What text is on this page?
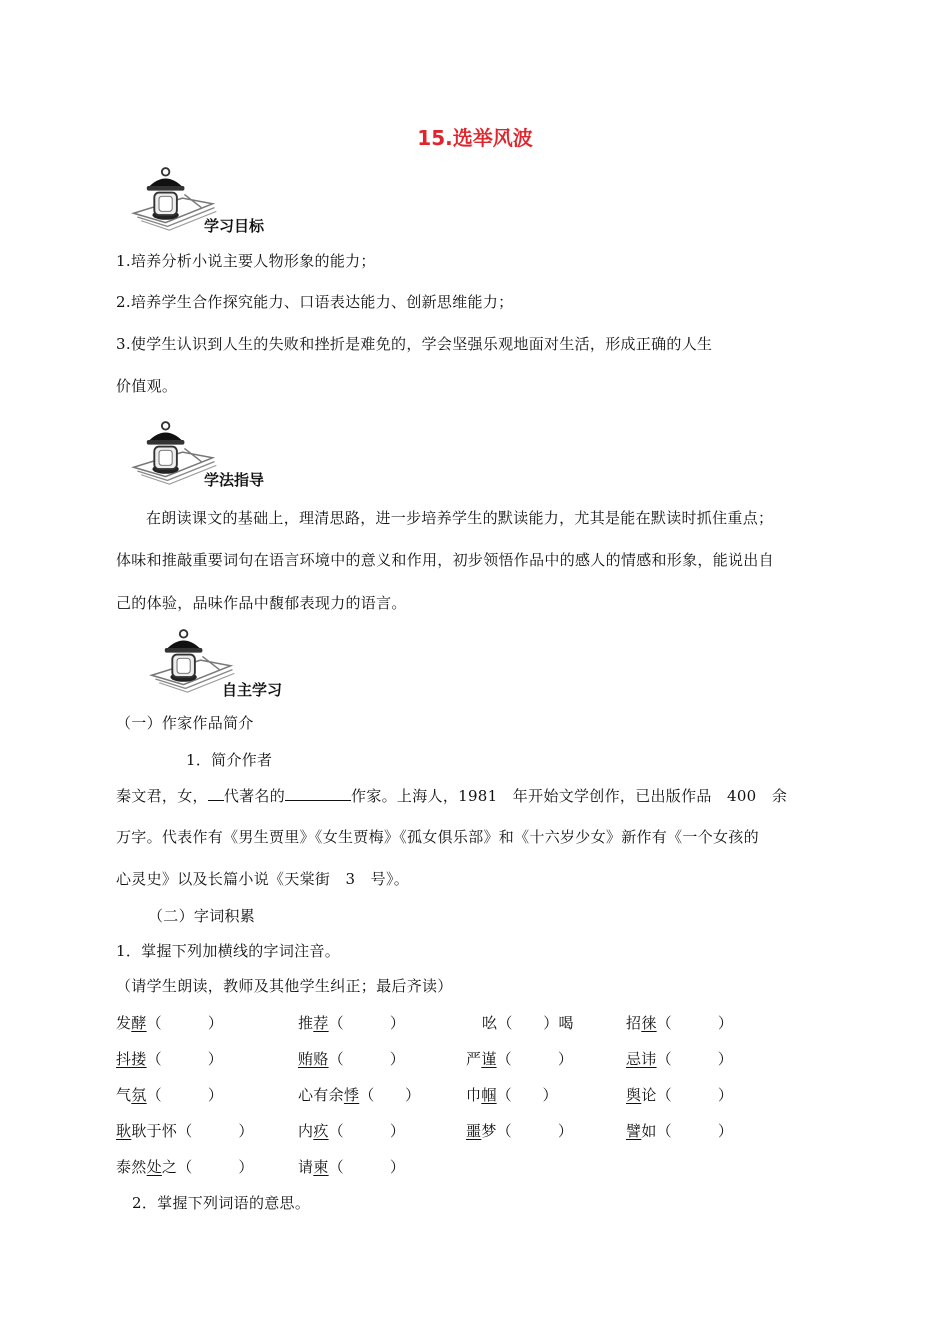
15.选举风波
学习目标
1.培养分析小说主要人物形象的能力；
2.培养学生合作探究能力、口语表达能力、创新思维能力；
3.使学生认识到人生的失败和挫折是难免的，学会坚强乐观地面对生活，形成正确的人生
价值观。
学法指导
在朗读课文的基础上，理清思路，进一步培养学生的默读能力，尤其是能在默读时抓住重点；
体味和推敲重要词句在语言环境中的意义和作用，初步领悟作品中的感人的情感和形象，能说出自
己的体验，品味作品中馥郁表现力的语言。
自主学习
（一）作家作品简介
1．简介作者
秦文君，女， 代著名的	作家。上海人，1981　年开始文学创作，已出版作品　400　余
万字。代表作有《男生贾里》《女生贾梅》《孤女俱乐部》和《十六岁少女》新作有《一个女孩的
心灵史》以及长篇小说《天棠街　3　号》。
（二）字词积累
1．掌握下列加横线的字词注音。
（请学生朗读，教师及其他学生纠正；最后齐读）
发酵（　　　）	推荐（　　　）	吆（　　）喝	招徕（　　　）
抖搂（　　　）	贿赂（　　　）	严谨（　　　）	忌讳（　　　）
气氛（　　　）	心有余悸（　　）	巾帼（　　）	舆论（　　　）
耿耿于怀（　　　）	内疚（　　　）	噩梦（　　　）	譬如（　　　）
泰然处之（　　　）	请柬（　　　）
2．掌握下列词语的意思。
